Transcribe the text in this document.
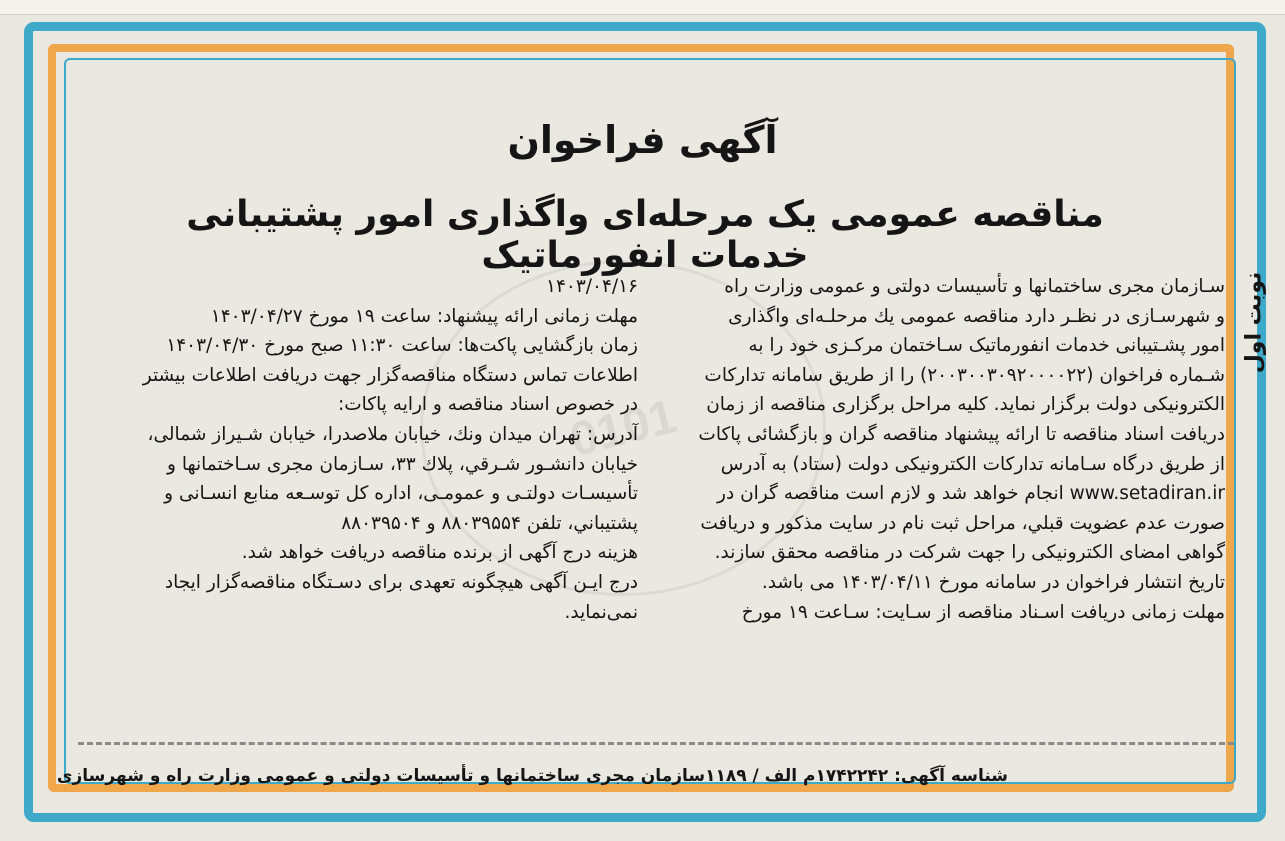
نوبت اول
0101
آگهی فراخوان
مناقصه عمومی یک مرحله‌ای واگذاری امور پشتیبانی خدمات انفورماتیک
سـازمان مجری ساختمانها و تأسیسات دولتی و عمومی وزارت راه
و شهرسـازی در نظـر دارد مناقصه عمومی یك مرحلـه‌ای واگذاری
امور پشـتیبانی خدمات انفورماتیک سـاختمان مرکـزی خود را به
شـماره فراخوان (۲۰۰۳۰۰۳۰۹۲۰۰۰۰۲۲) را از طریق سامانه تدارکات
الکترونیکی دولت برگزار نماید. کلیه مراحل برگزاری مناقصه از زمان
دریافت اسناد مناقصه تا ارائه پیشنهاد مناقصه گران و بازگشائی پاکات
از طریق درگاه سـامانه تدارکات الکترونیکی دولت (ستاد) به آدرس
www.setadiran.ir انجام خواهد شد و لازم است مناقصه گران در
صورت عدم عضویت قبلي، مراحل ثبت نام در سایت مذکور و دریافت
گواهی امضای الکترونیکی را جهت شرکت در مناقصه محقق سازند.
تاریخ انتشار فراخوان در سامانه مورخ ۱۴۰۳/۰۴/۱۱ می باشد.
مهلت زمانی دریافت اسـناد مناقصه از سـایت: سـاعت ۱۹ مورخ
۱۴۰۳/۰۴/۱۶
مهلت زمانی ارائه پیشنهاد: ساعت ۱۹ مورخ ۱۴۰۳/۰۴/۲۷
زمان بازگشایی پاکت‌ها: ساعت ۱۱:۳۰ صبح مورخ ۱۴۰۳/۰۴/۳۰
اطلاعات تماس دستگاه مناقصه‌گزار جهت دریافت اطلاعات بیشتر
در خصوص اسناد مناقصه و ارایه پاکات:
آدرس: تهران میدان ونك، خیابان ملاصدرا، خیابان شـیراز شمالی،
خیابان دانشـور شـرقي، پلاك ۳۳، سـازمان مجری سـاختمانها و
تأسیسـات دولتـی و عمومـی، اداره کل توسـعه منابع انسـانی و
پشتیباني، تلفن ۸۸۰۳۹۵۵۴ و ۸۸۰۳۹۵۰۴
هزینه درج آگهی از برنده مناقصه دریافت خواهد شد.
درج ایـن آگهی هیچگونه تعهدی برای دسـتگاه مناقصه‌گزار ایجاد
نمی‌نماید.
شناسه آگهی: ۱۷۴۲۲۴۲م الف / ۱۱۸۹
سازمان مجری ساختمانها و تأسیسات دولتی و عمومی وزارت راه و شهرسازی
